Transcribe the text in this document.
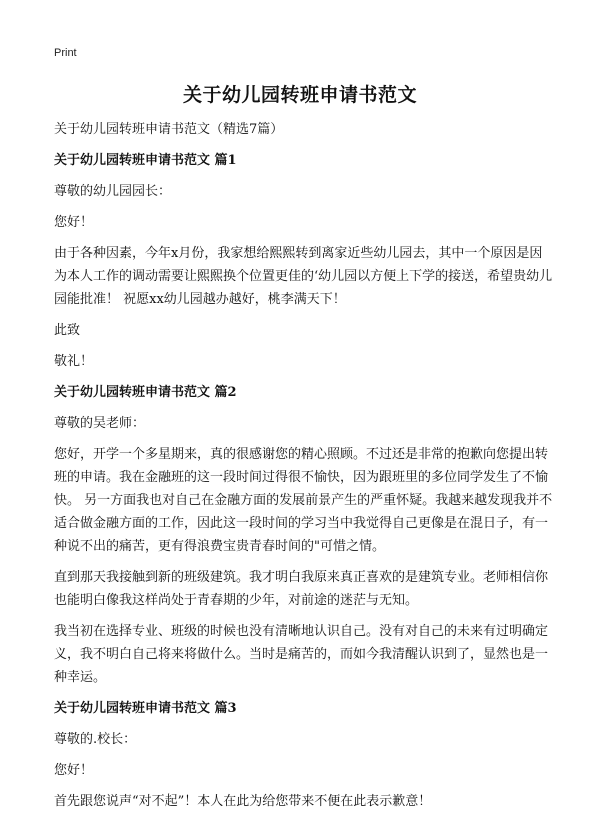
Print
关于幼儿园转班申请书范文

关于幼儿园转班申请书范文（精选7篇）

关于幼儿园转班申请书范文 篇1

尊敬的幼儿园园长：

您好！

由于各种因素，今年x月份，我家想给熙熙转到离家近些幼儿园去，其中一个原因是因为本人工作的调动需要让熙熙换个位置更佳的‘幼儿园以方便上下学的接送，希望贵幼儿园能批准！ 祝愿xx幼儿园越办越好，桃李满天下！

此致

敬礼！

关于幼儿园转班申请书范文 篇2

尊敬的吴老师：

您好，开学一个多星期来，真的很感谢您的精心照顾。不过还是非常的抱歉向您提出转班的申请。我在金融班的这一段时间过得很不愉快，因为跟班里的多位同学发生了不愉快。 另一方面我也对自己在金融方面的发展前景产生的严重怀疑。我越来越发现我并不适合做金融方面的工作，因此这一段时间的学习当中我觉得自己更像是在混日子，有一种说不出的痛苦，更有得浪费宝贵青春时间的"可惜之情。

直到那天我接触到新的班级建筑。我才明白我原来真正喜欢的是建筑专业。老师相信你也能明白像我这样尚处于青春期的少年，对前途的迷茫与无知。

我当初在选择专业、班级的时候也没有清晰地认识自己。没有对自己的未来有过明确定义，我不明白自己将来将做什么。当时是痛苦的，而如今我清醒认识到了，显然也是一种幸运。

关于幼儿园转班申请书范文 篇3

尊敬的.校长：

您好！

首先跟您说声“对不起”！本人在此为给您带来不便在此表示歉意！
